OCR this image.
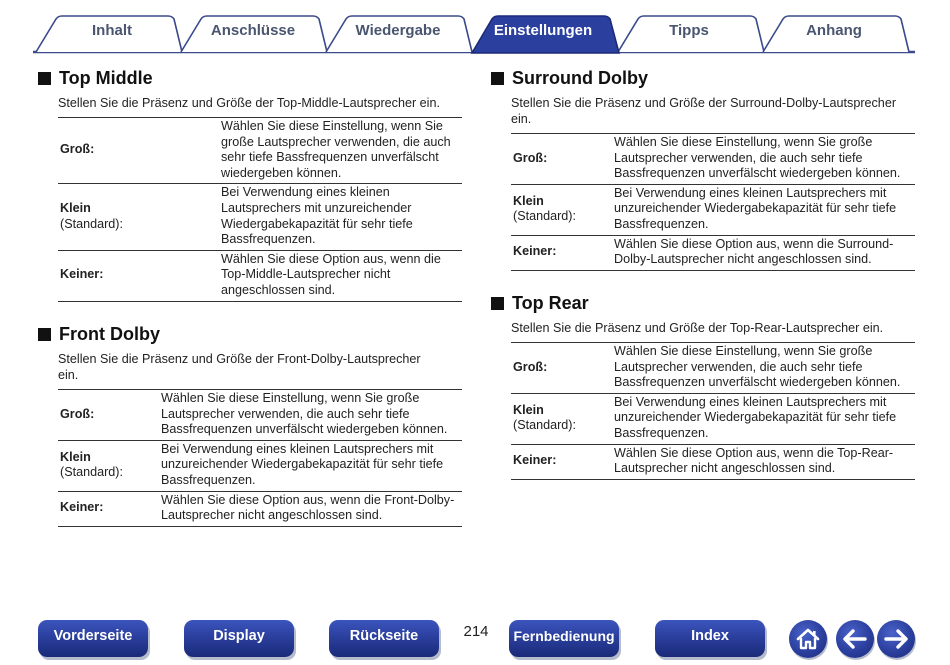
Inhalt	Anschlüsse	Wiedergabe	Einstellungen	Tipps	Anhang
Top Middle
Stellen Sie die Präsenz und Größe der Top-Middle-Lautsprecher ein.
Groß:	Wählen Sie diese Einstellung, wenn Sie große Lautsprecher verwenden, die auch sehr tiefe Bassfrequenzen unverfälscht wiedergeben können.

Klein
(Standard):	Bei Verwendung eines kleinen Lautsprechers mit unzureichender Wiedergabekapazität für sehr tiefe Bassfrequenzen.

Keiner:	Wählen Sie diese Option aus, wenn die Top-Middle-Lautsprecher nicht angeschlossen sind.
Front Dolby
Stellen Sie die Präsenz und Größe der Front-Dolby-Lautsprecher ein.
Groß:	Wählen Sie diese Einstellung, wenn Sie große Lautsprecher verwenden, die auch sehr tiefe Bassfrequenzen unverfälscht wiedergeben können.

Klein
(Standard):	Bei Verwendung eines kleinen Lautsprechers mit unzureichender Wiedergabekapazität für sehr tiefe Bassfrequenzen.

Keiner:	Wählen Sie diese Option aus, wenn die Front-Dolby-Lautsprecher nicht angeschlossen sind.
Surround Dolby
Stellen Sie die Präsenz und Größe der Surround-Dolby-Lautsprecher ein.
Groß:	Wählen Sie diese Einstellung, wenn Sie große Lautsprecher verwenden, die auch sehr tiefe Bassfrequenzen unverfälscht wiedergeben können.

Klein
(Standard):	Bei Verwendung eines kleinen Lautsprechers mit unzureichender Wiedergabekapazität für sehr tiefe Bassfrequenzen.

Keiner:	Wählen Sie diese Option aus, wenn die Surround-Dolby-Lautsprecher nicht angeschlossen sind.
Top Rear
Stellen Sie die Präsenz und Größe der Top-Rear-Lautsprecher ein.
Groß:	Wählen Sie diese Einstellung, wenn Sie große Lautsprecher verwenden, die auch sehr tiefe Bassfrequenzen unverfälscht wiedergeben können.

Klein
(Standard):	Bei Verwendung eines kleinen Lautsprechers mit unzureichender Wiedergabekapazität für sehr tiefe Bassfrequenzen.

Keiner:	Wählen Sie diese Option aus, wenn die Top-Rear-Lautsprecher nicht angeschlossen sind.
Vorderseite	Display	Rückseite	214	Fernbedienung	Index
